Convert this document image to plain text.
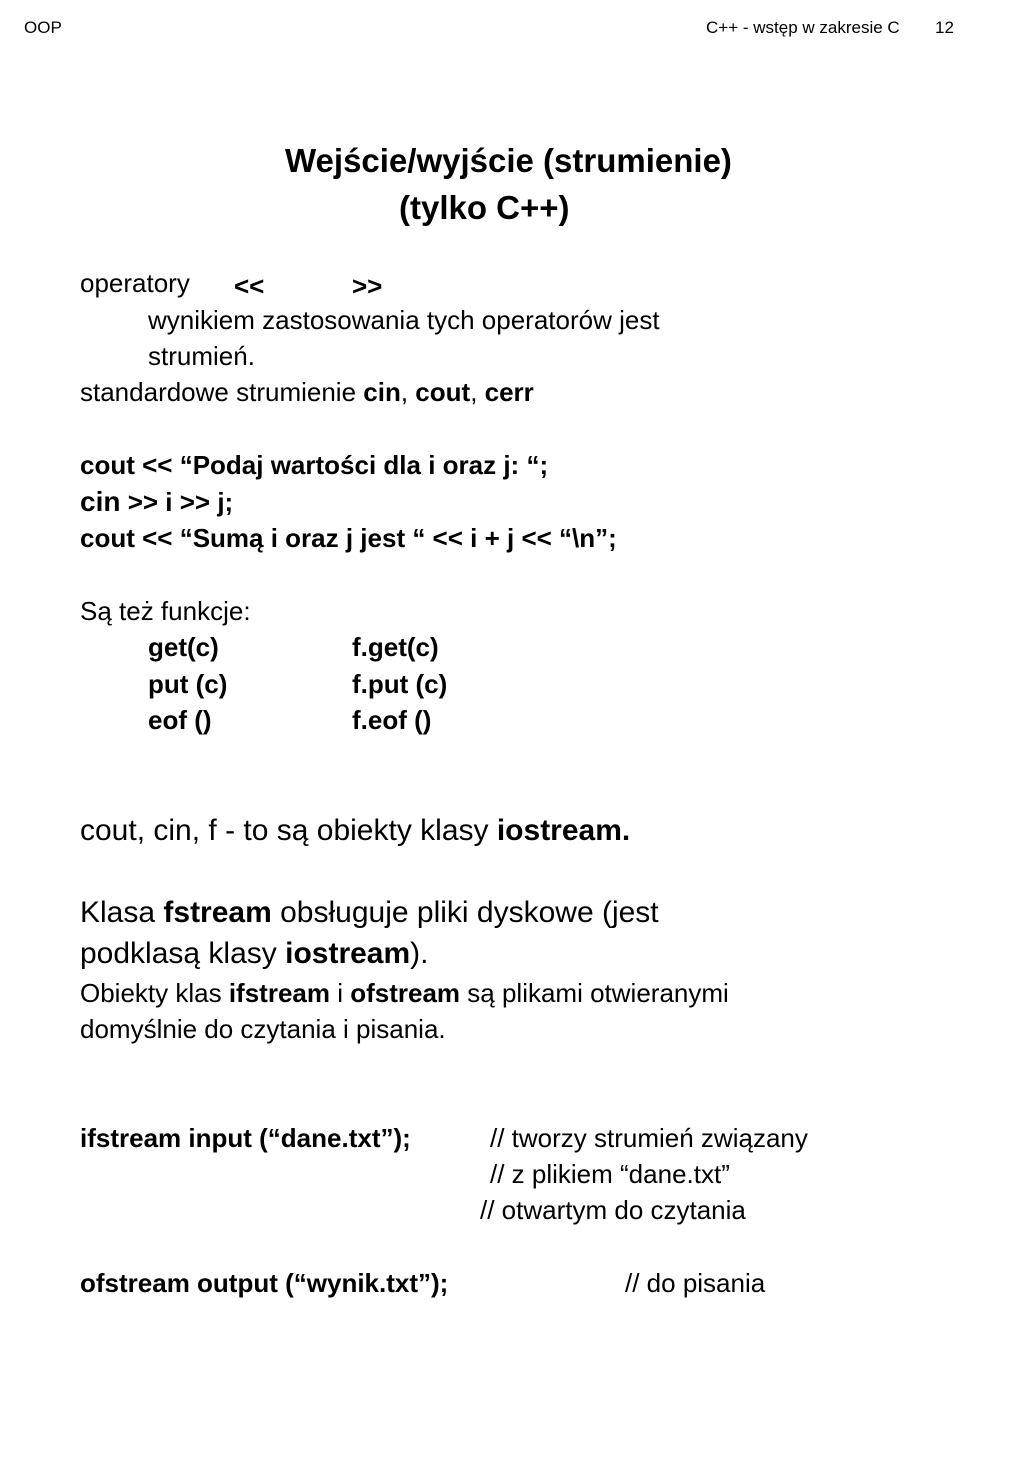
OOP	C++ - wstęp w zakresie C 12
Wejście/wyjście (strumienie)
(tylko C++)
operatory <<	>>
wynikiem zastosowania tych operatorów jest
strumień.
standardowe strumienie cin, cout, cerr
cout << “Podaj wartości dla i oraz j: “;
cin >> i >> j;
cout << “Sumą i oraz j jest “ << i + j << “\n”;
Są też funkcje:
get(c)	f.get(c)
put (c)	f.put (c)
eof ()	f.eof ()
cout, cin, f - to są obiekty klasy iostream.
Klasa fstream obsługuje pliki dyskowe (jest
podklasą klasy iostream).
Obiekty klas ifstream i ofstream są plikami otwieranymi
domyślnie do czytania i pisania.
ifstream input (“dane.txt”);	// tworzy strumień związany
// z plikiem “dane.txt”
// otwartym do czytania
ofstream output (“wynik.txt”);	// do pisania
